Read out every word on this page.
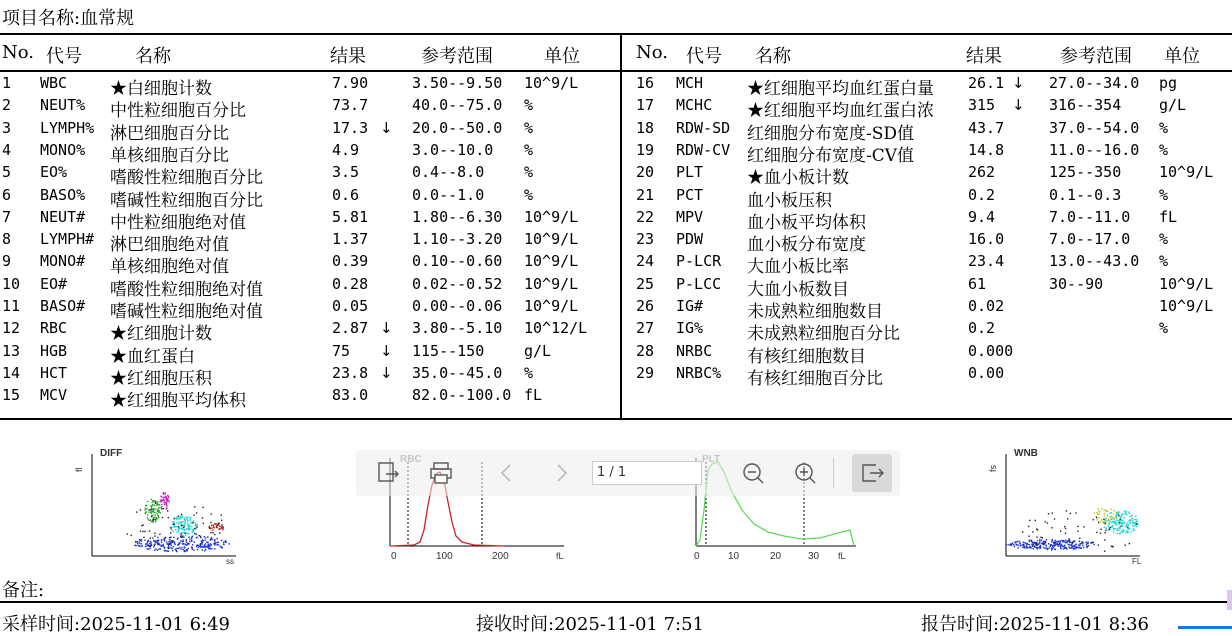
项目名称:血常规
No. 代号	名称	结果	参考范围	单位	No. 代号 名称	结果	参考范围 单位
1 WBC	★白细胞计数	7.90	3.50--9.50 10^9/L
2 NEUT% 中性粒细胞百分比	73.7	40.0--75.0 %
3 LYMPH% 淋巴细胞百分比	17.3 ↓ 20.0--50.0 %
4 MONO% 单核细胞百分比	4.9	3.0--10.0 %
5 EO%	嗜酸性粒细胞百分比	3.5	0.4--8.0	%
6 BASO% 嗜碱性粒细胞百分比	0.6	0.0--1.0	%
7 NEUT# 中性粒细胞绝对值	5.81	1.80--6.30 10^9/L
8 LYMPH# 淋巴细胞绝对值	1.37	1.10--3.20 10^9/L
9 MONO# 单核细胞绝对值	0.39	0.10--0.60 10^9/L
10 EO#	嗜酸性粒细胞绝对值	0.28	0.02--0.52 10^9/L
11 BASO# 嗜碱性粒细胞绝对值	0.05	0.00--0.06 10^9/L
12 RBC	★红细胞计数	2.87 ↓ 3.80--5.10 10^12/L
13 HGB	★血红蛋白	75 ↓ 115--150	g/L
14 HCT	★红细胞压积	23.8 ↓ 35.0--45.0 %
15 MCV	★红细胞平均体积	83.0	82.0--100.0 fL
16 MCH	★红细胞平均血红蛋白量 26.1 ↓ 27.0--34.0 pg
17 MCHC ★红细胞平均血红蛋白浓 315 ↓ 316--354	g/L
18 RDW-SD 红细胞分布宽度-SD值	43.7	37.0--54.0 %
19 RDW-CV 红细胞分布宽度-CV值	14.8	11.0--16.0 %
20 PLT	★血小板计数	262	125--350	10^9/L
21 PCT	血小板压积	0.2	0.1--0.3	%
22 MPV	血小板平均体积	9.4	7.0--11.0 fL
23 PDW	血小板分布宽度	16.0	7.0--17.0 %
24 P-LCR 大血小板比率	23.4	13.0--43.0 %
25 P-LCC 大血小板数目	61	30--90	10^9/L
26 IG#	未成熟粒细胞数目	0.02	10^9/L
27 IG%	未成熟粒细胞百分比	0.2	%
28 NRBC 有核红细胞数目	0.000
29 NRBC% 有核红细胞百分比	0.00
DIFF
fl
ss	0	100	200	fL	0	10	20	30 fL
WNB
fs
FL
1 / 1
备注:
采样时间:2025-11-01 6:49	接收时间:2025-11-01 7:51	报告时间:2025-11-01 8:36
